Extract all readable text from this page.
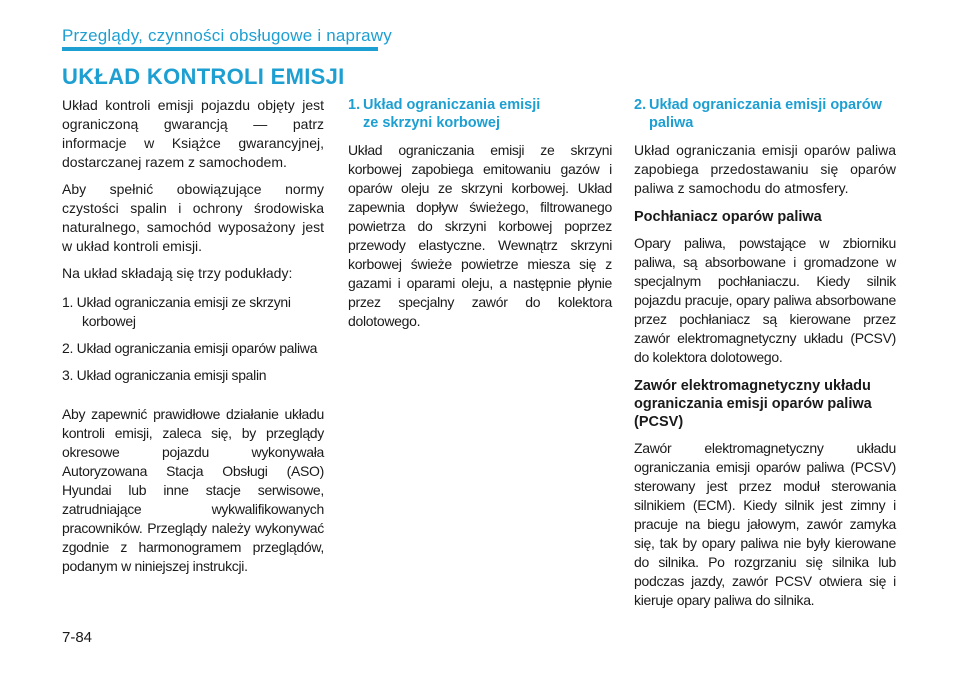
Przeglądy, czynności obsługowe i naprawy
UKŁAD KONTROLI EMISJI

Układ kontroli emisji pojazdu objęty jest ograniczoną gwarancją — patrz informacje w Książce gwarancyjnej, dostarczanej razem z samochodem.

Aby spełnić obowiązujące normy czystości spalin i ochrony środowiska naturalnego, samochód wyposażony jest w układ kontroli emisji.

Na układ składają się trzy podukłady:

1. Układ ograniczania emisji ze skrzyni korbowej
2. Układ ograniczania emisji oparów paliwa
3. Układ ograniczania emisji spalin

Aby zapewnić prawidłowe działanie układu kontroli emisji, zaleca się, by przeglądy okresowe pojazdu wykonywała Autoryzowana Stacja Obsługi (ASO) Hyundai lub inne stacje serwisowe, zatrudniające wykwalifikowanych pracowników. Przeglądy należy wykonywać zgodnie z harmonogramem przeglądów, podanym w niniejszej instrukcji.

1. Układ ograniczania emisji
ze skrzyni korbowej

Układ ograniczania emisji ze skrzyni korbowej zapobiega emitowaniu gazów i oparów oleju ze skrzyni korbowej. Układ zapewnia dopływ świeżego, filtrowanego powietrza do skrzyni korbowej poprzez przewody elastyczne. Wewnątrz skrzyni korbowej świeże powietrze miesza się z gazami i oparami oleju, a następnie płynie przez specjalny zawór do kolektora dolotowego.

2. Układ ograniczania emisji oparów
paliwa

Układ ograniczania emisji oparów paliwa zapobiega przedostawaniu się oparów paliwa z samochodu do atmosfery.

Pochłaniacz oparów paliwa

Opary paliwa, powstające w zbiorniku paliwa, są absorbowane i gromadzone w specjalnym pochłaniaczu. Kiedy silnik pojazdu pracuje, opary paliwa absorbowane przez pochłaniacz są kierowane przez zawór elektromagnetyczny układu (PCSV) do kolektora dolotowego.

Zawór elektromagnetyczny układu ograniczania emisji oparów paliwa (PCSV)

Zawór elektromagnetyczny układu ograniczania emisji oparów paliwa (PCSV) sterowany jest przez moduł sterowania silnikiem (ECM). Kiedy silnik jest zimny i pracuje na biegu jałowym, zawór zamyka się, tak by opary paliwa nie były kierowane do silnika. Po rozgrzaniu się silnika lub podczas jazdy, zawór PCSV otwiera się i kieruje opary paliwa do silnika.

7-84
